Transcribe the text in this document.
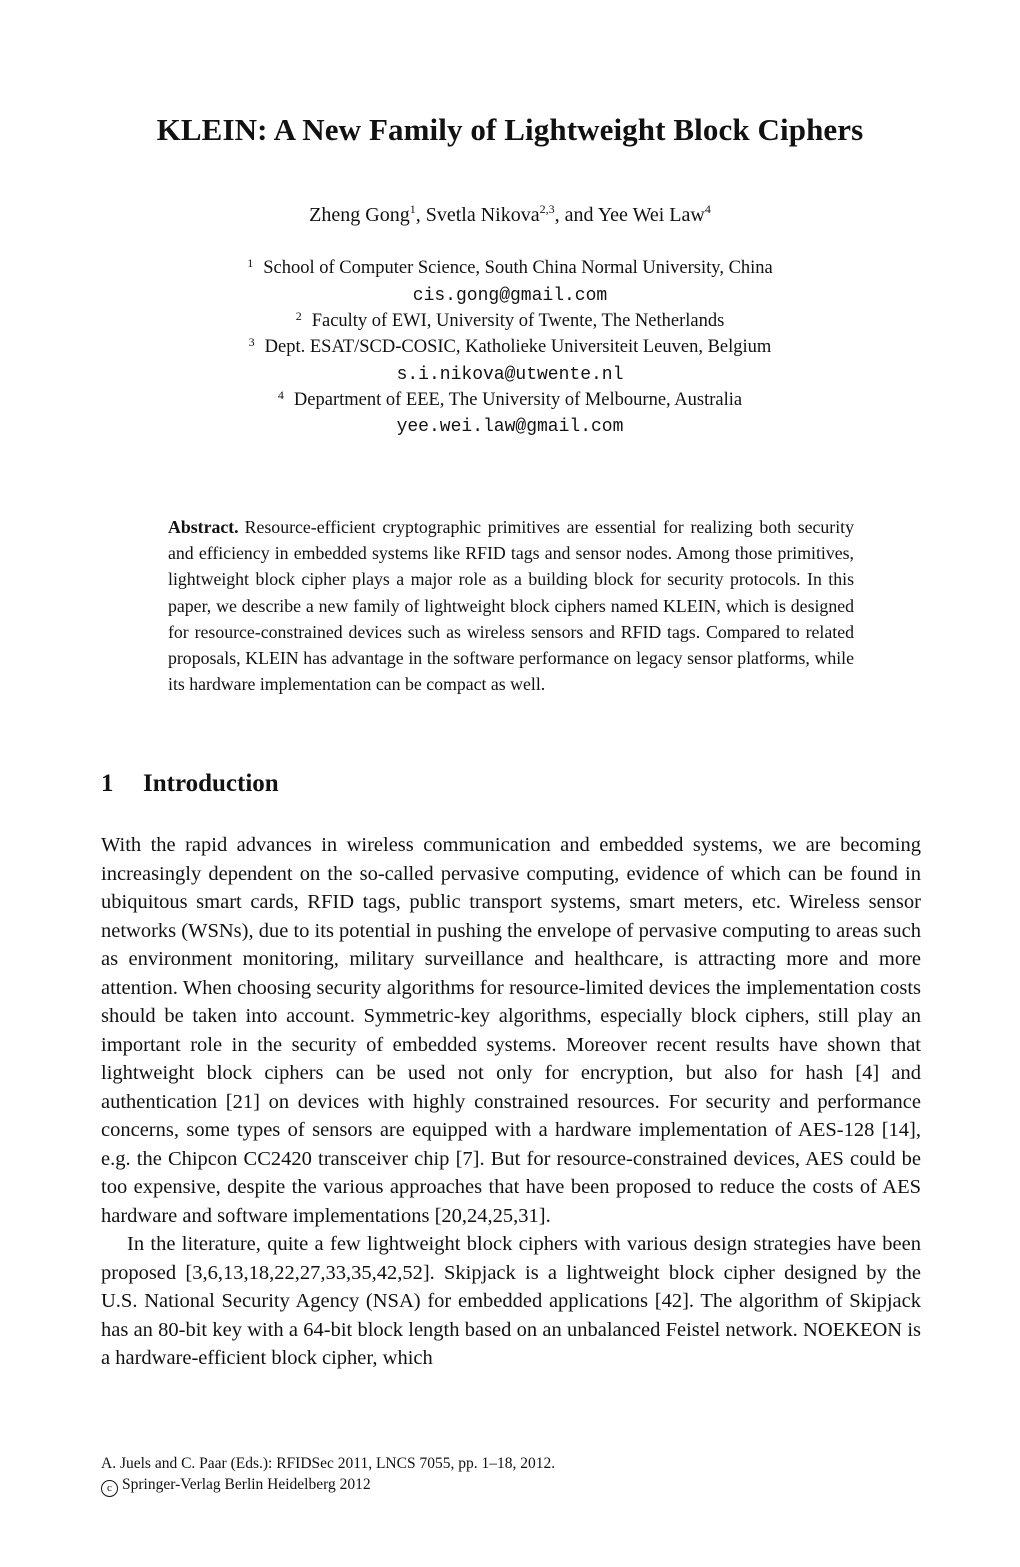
KLEIN: A New Family of Lightweight Block Ciphers
Zheng Gong$^1$, Svetla Nikova$^{2,3}$, and Yee Wei Law$^4$
$^1$ School of Computer Science, South China Normal University, China
cis.gong@gmail.com
$^2$ Faculty of EWI, University of Twente, The Netherlands
$^3$ Dept. ESAT/SCD-COSIC, Katholieke Universiteit Leuven, Belgium
s.i.nikova@utwente.nl
$^4$ Department of EEE, The University of Melbourne, Australia
yee.wei.law@gmail.com
Abstract. Resource-efficient cryptographic primitives are essential for realizing both security and efficiency in embedded systems like RFID tags and sensor nodes. Among those primitives, lightweight block cipher plays a major role as a building block for security protocols. In this paper, we describe a new family of lightweight block ciphers named KLEIN, which is designed for resource-constrained devices such as wireless sensors and RFID tags. Compared to related proposals, KLEIN has advantage in the software performance on legacy sensor platforms, while its hardware implementation can be compact as well.
1 Introduction

With the rapid advances in wireless communication and embedded systems, we are becoming increasingly dependent on the so-called pervasive computing, evidence of which can be found in ubiquitous smart cards, RFID tags, public transport systems, smart meters, etc. Wireless sensor networks (WSNs), due to its potential in pushing the envelope of pervasive computing to areas such as environment monitoring, military surveillance and healthcare, is attracting more and more attention. When choosing security algorithms for resource-limited devices the implementation costs should be taken into account. Symmetric-key algorithms, especially block ciphers, still play an important role in the security of embedded systems. Moreover recent results have shown that lightweight block ciphers can be used not only for encryption, but also for hash [4] and authentication [21] on devices with highly constrained resources. For security and performance concerns, some types of sensors are equipped with a hardware implementation of AES-128 [14], e.g. the Chipcon CC2420 transceiver chip [7]. But for resource-constrained devices, AES could be too expensive, despite the various approaches that have been proposed to reduce the costs of AES hardware and software implementations [20,24,25,31].

In the literature, quite a few lightweight block ciphers with various design strategies have been proposed [3,6,13,18,22,27,33,35,42,52]. Skipjack is a lightweight block cipher designed by the U.S. National Security Agency (NSA) for embedded applications [42]. The algorithm of Skipjack has an 80-bit key with a 64-bit block length based on an unbalanced Feistel network. NOEKEON is a hardware-efficient block cipher, which

A. Juels and C. Paar (Eds.): RFIDSec 2011, LNCS 7055, pp. 1–18, 2012.
c Springer-Verlag Berlin Heidelberg 2012
